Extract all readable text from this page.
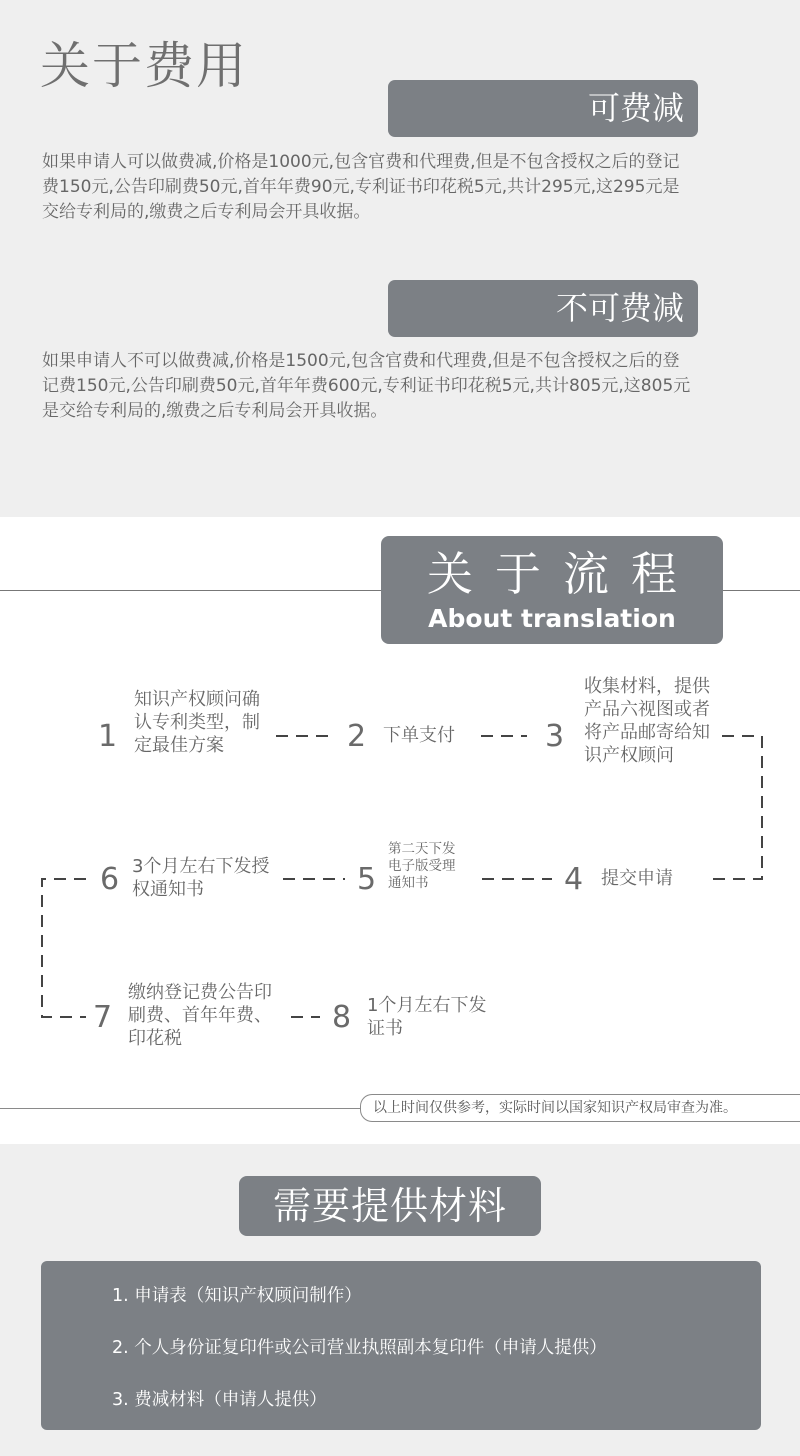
关于费用
可费减

如果申请人可以做费减,价格是1000元,包含官费和代理费,但是不包含授权之后的登记费150元,公告印刷费50元,首年年费90元,专利证书印花税5元,共计295元,这295元是交给专利局的,缴费之后专利局会开具收据。

不可费减

如果申请人不可以做费减,价格是1500元,包含官费和代理费,但是不包含授权之后的登记费150元,公告印刷费50元,首年年费600元,专利证书印花税5元,共计805元,这805元是交给专利局的,缴费之后专利局会开具收据。

关于流程
About translation
1
知识产权顾问确认专利类型，制定最佳方案	2 下单支付	3
收集材料，提供产品六视图或者将产品邮寄给知识产权顾问
4 提交申请
5
第二天下发电子版受理通知书
6 3个月左右下发授权通知书
7
缴纳登记费公告印刷费、首年年费、印花税
8 1个月左右下发证书
以上时间仅供参考，实际时间以国家知识产权局审查为准。
需要提供材料
1. 申请表（知识产权顾问制作）
2. 个人身份证复印件或公司营业执照副本复印件（申请人提供）
3. 费减材料（申请人提供）
